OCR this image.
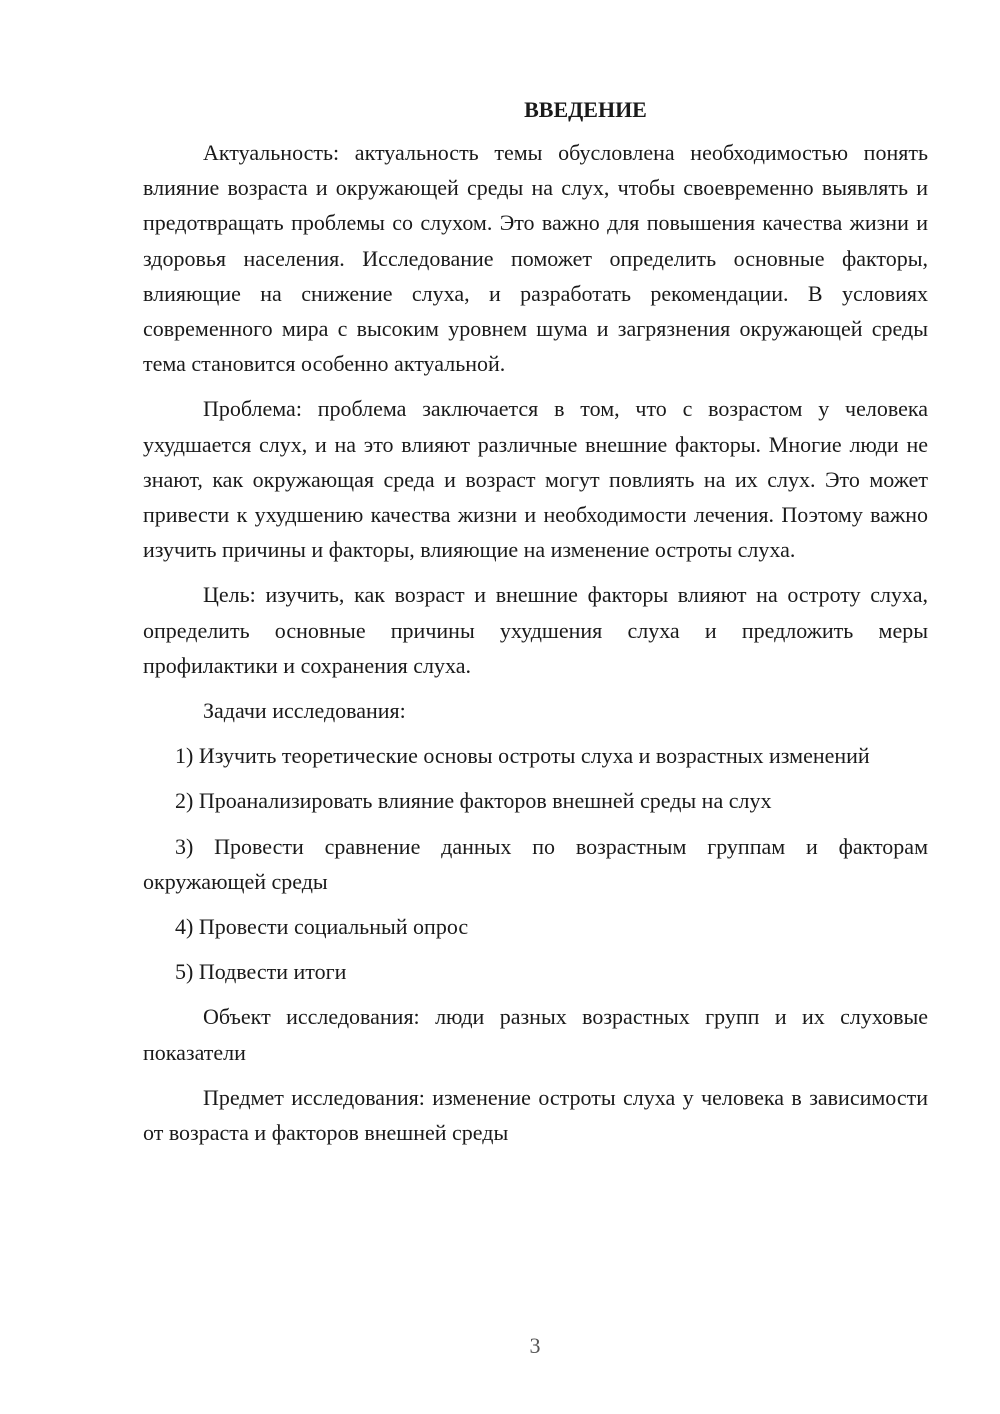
ВВЕДЕНИЕ

Актуальность: актуальность темы обусловлена необходимостью понять влияние возраста и окружающей среды на слух, чтобы своевременно выявлять и предотвращать проблемы со слухом. Это важно для повышения качества жизни и здоровья населения. Исследование поможет определить основные факторы, влияющие на снижение слуха, и разработать рекомендации. В условиях современного мира с высоким уровнем шума и загрязнения окружающей среды тема становится особенно актуальной.

Проблема: проблема заключается в том, что с возрастом у человека ухудшается слух, и на это влияют различные внешние факторы. Многие люди не знают, как окружающая среда и возраст могут повлиять на их слух. Это может привести к ухудшению качества жизни и необходимости лечения. Поэтому важно изучить причины и факторы, влияющие на изменение остроты слуха.

Цель: изучить, как возраст и внешние факторы влияют на остроту слуха, определить основные причины ухудшения слуха и предложить меры профилактики и сохранения слуха.

Задачи исследования:

1) Изучить теоретические основы остроты слуха и возрастных изменений

2) Проанализировать влияние факторов внешней среды на слух

3) Провести сравнение данных по возрастным группам и факторам окружающей среды

4) Провести социальный опрос

5) Подвести итоги

Объект исследования: люди разных возрастных групп и их слуховые показатели

Предмет исследования: изменение остроты слуха у человека в зависимости от возраста и факторов внешней среды

3
